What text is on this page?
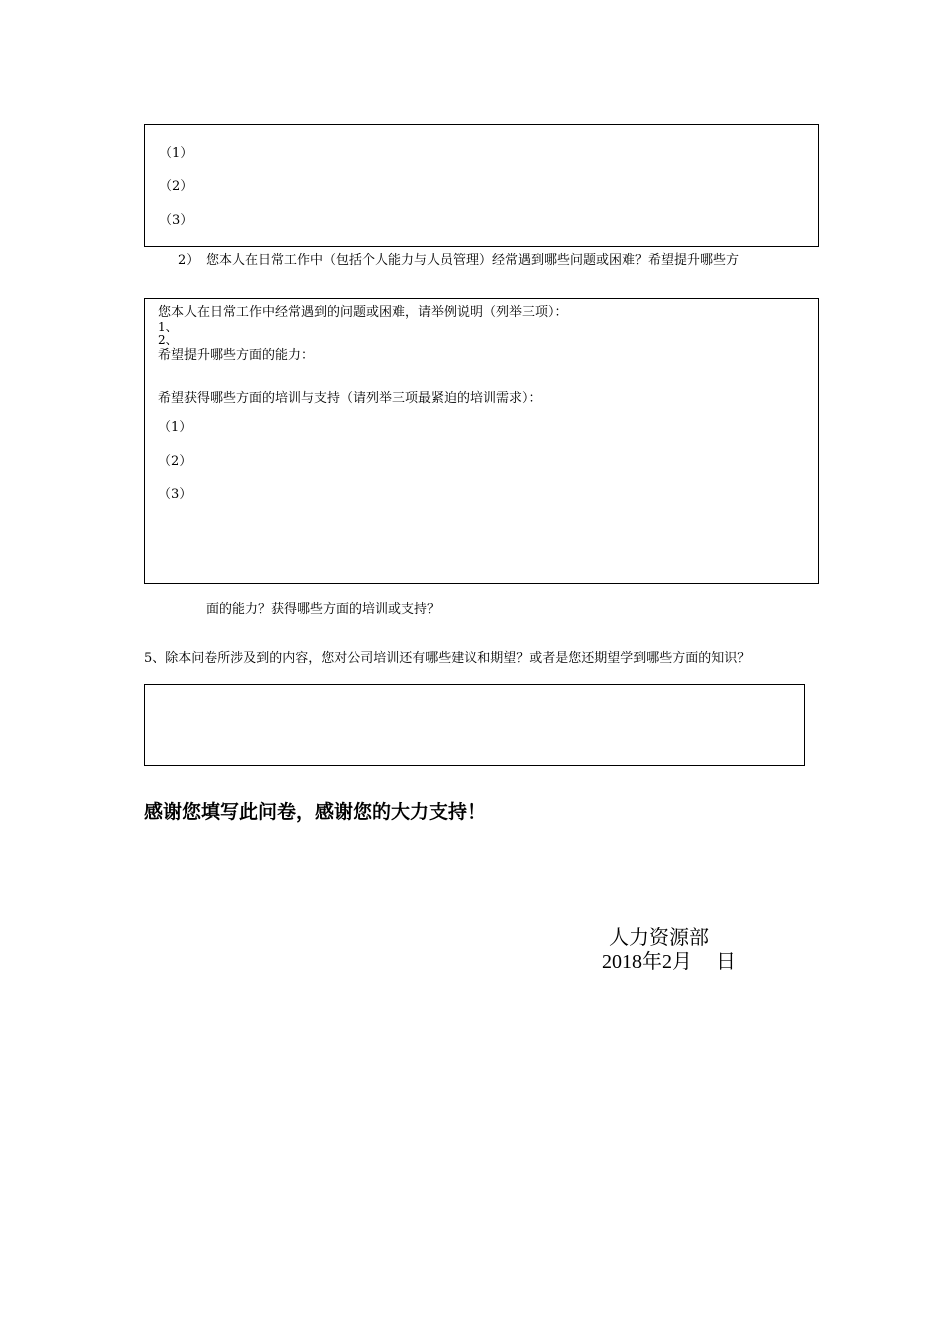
（1）
（2）
（3）
2） 您本人在日常工作中（包括个人能力与人员管理）经常遇到哪些问题或困难？希望提升哪些方
您本人在日常工作中经常遇到的问题或困难，请举例说明（列举三项）：
1、
2、
希望提升哪些方面的能力：
希望获得哪些方面的培训与支持（请列举三项最紧迫的培训需求）：
（1）
（2）
（3）
面的能力？获得哪些方面的培训或支持？
5、除本问卷所涉及到的内容，您对公司培训还有哪些建议和期望？或者是您还期望学到哪些方面的知识？
感谢您填写此问卷，感谢您的大力支持！
人力资源部
2018年2月 日
